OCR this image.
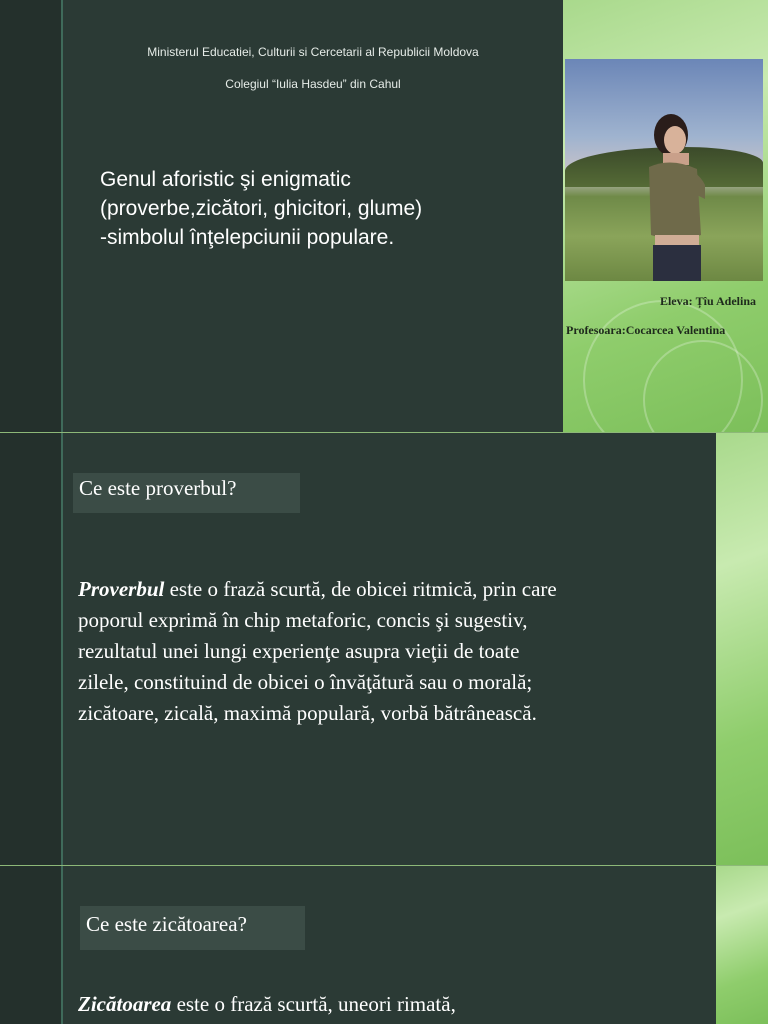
Ministerul Educatiei, Culturii si Cercetarii al Republicii Moldova
Colegiul “Iulia Hasdeu” din Cahul
Genul aforistic şi enigmatic
(proverbe,zicători, ghicitori, glume)
-simbolul înţelepciunii populare.
Eleva: Țîu Adelina
Profesoara:Cocarcea Valentina
Ce este proverbul?
Proverbul este o frază scurtă, de obicei ritmică, prin care
poporul exprimă în chip metaforic, concis şi sugestiv,
rezultatul unei lungi experienţe asupra vieţii de toate
zilele, constituind de obicei o învăţătură sau o morală;
zicătoare, zicală, maximă populară, vorbă bătrânească.
Ce este zicătoarea?
Zicătoarea este o frază scurtă, uneori rimată,
